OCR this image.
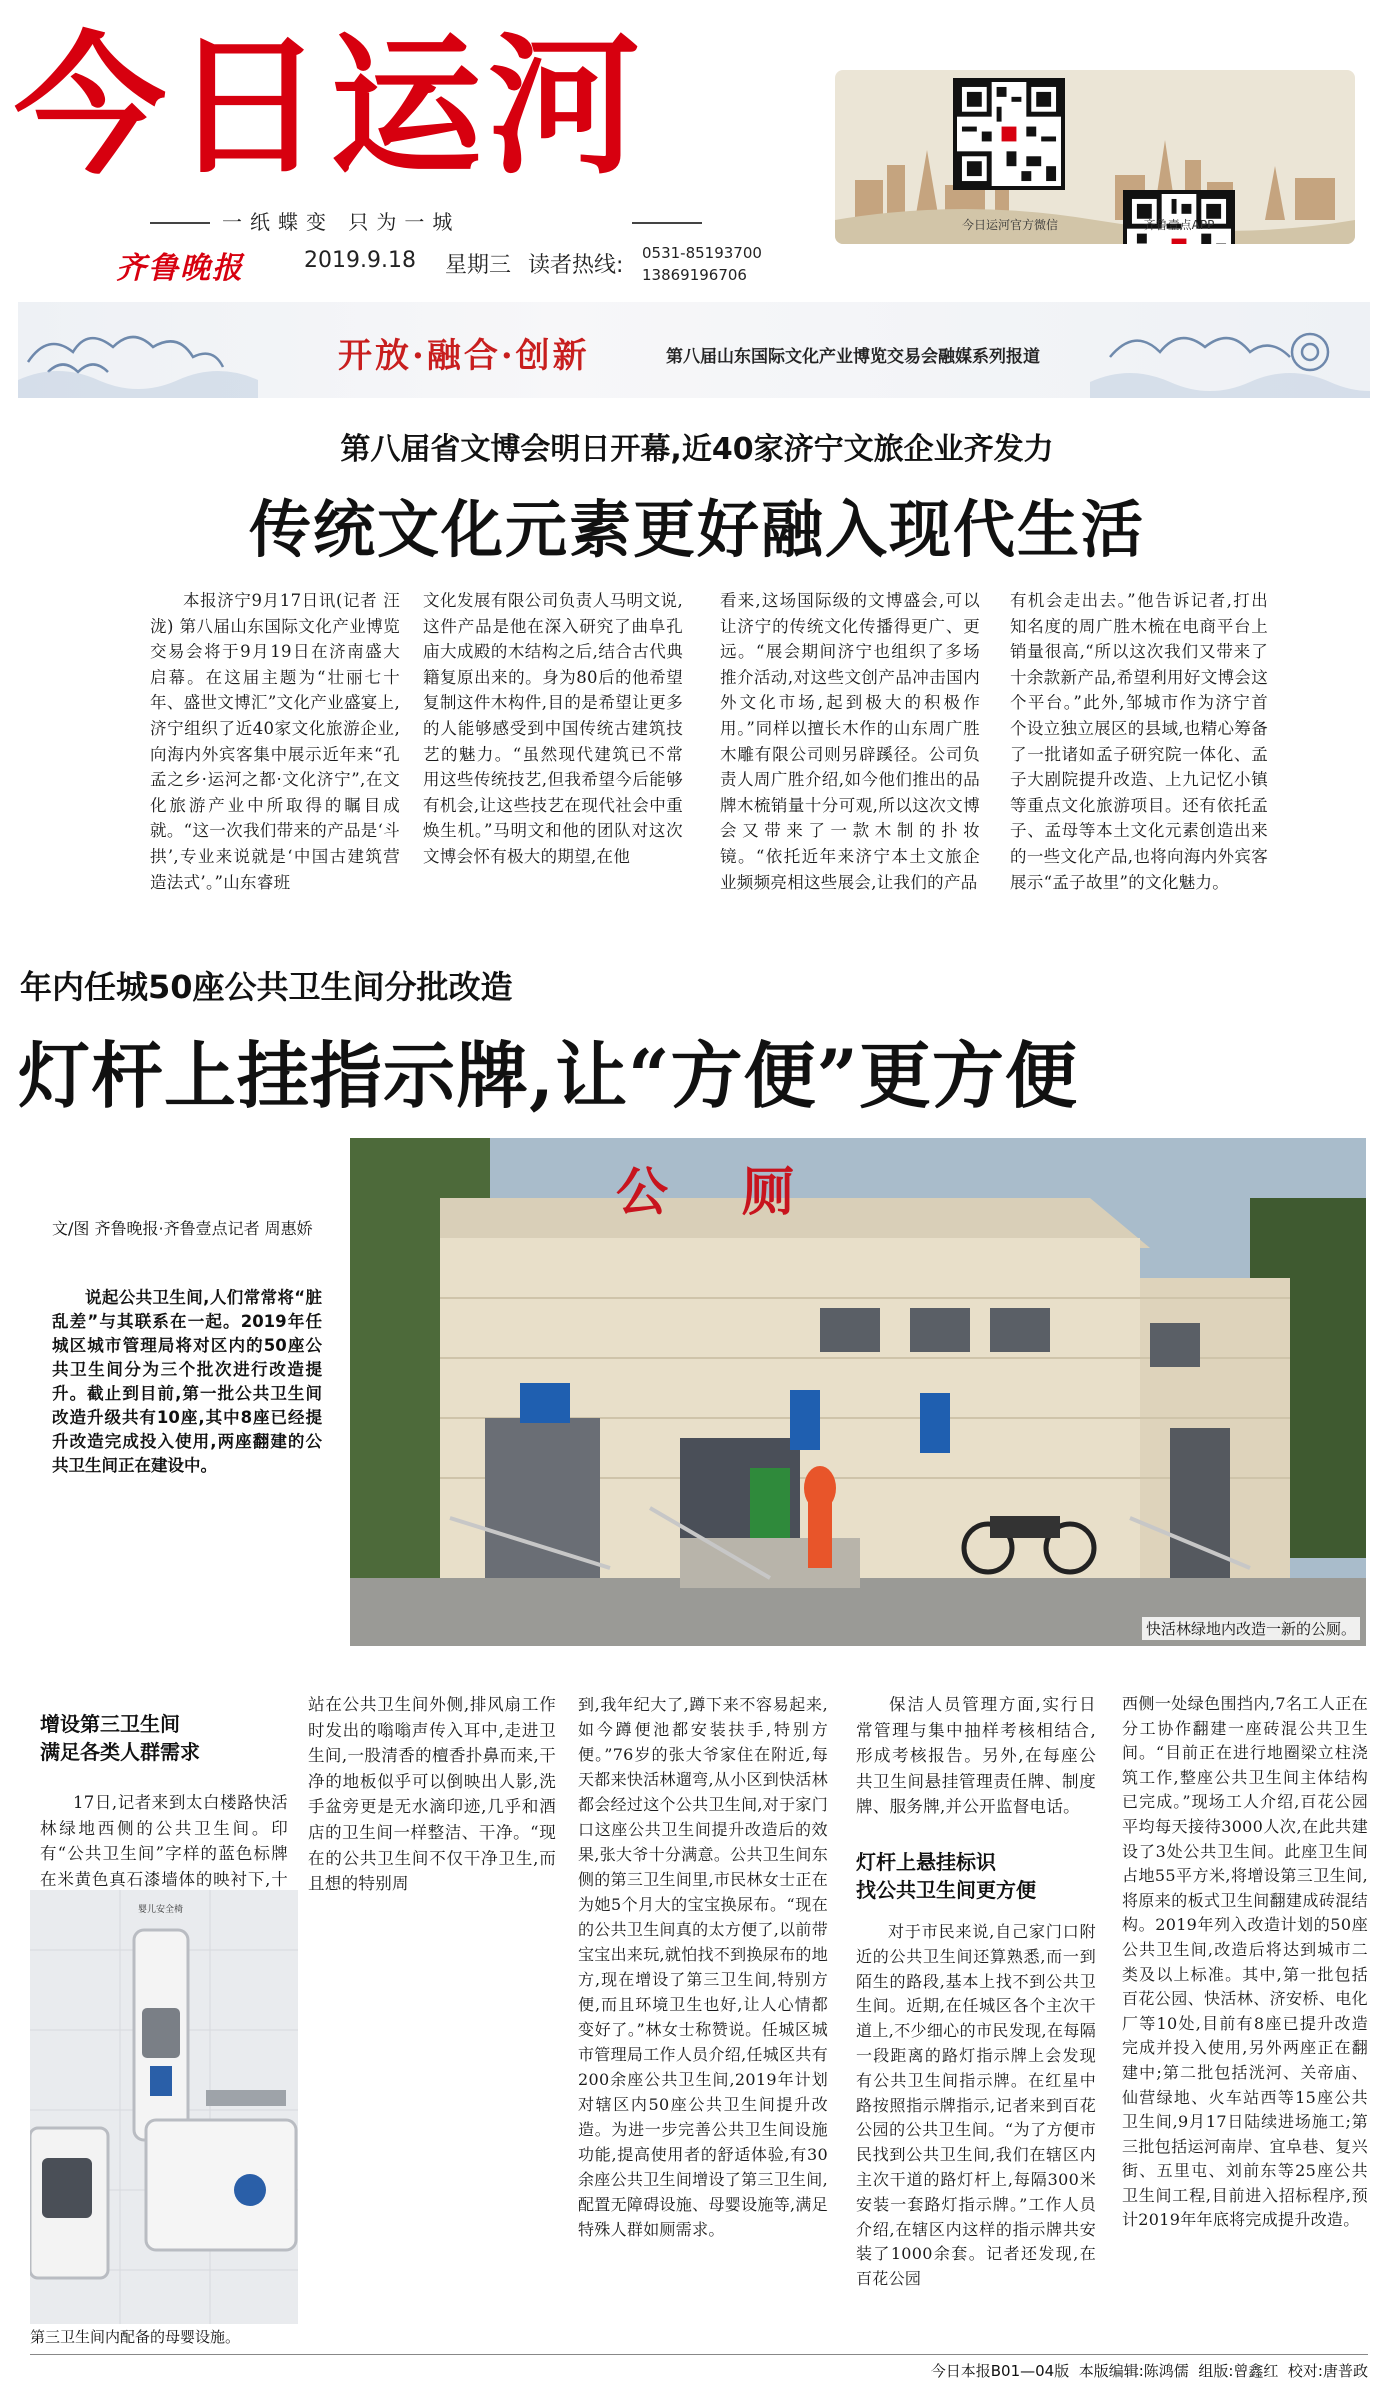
今日运河
一纸蝶变 只为一城
齐鲁晚报	2019.9.18 星期三 读者热线: 0531-85193700
13869196706
今日运河官方微信	齐鲁壹点APP
开放·融合·创新	第八届山东国际文化产业博览交易会融媒系列报道
第八届省文博会明日开幕,近40家济宁文旅企业齐发力
传统文化元素更好融入现代生活

本报济宁9月17日讯(记者 汪泷) 第八届山东国际文化产业博览交易会将于9月19日在济南盛大启幕。在这届主题为“壮丽七十年、盛世文博汇”文化产业盛宴上,济宁组织了近40家文化旅游企业,向海内外宾客集中展示近年来“孔孟之乡·运河之都·文化济宁”,在文化旅游产业中所取得的瞩目成就。“这一次我们带来的产品是‘斗拱’,专业来说就是‘中国古建筑营造法式’。”山东睿班

文化发展有限公司负责人马明文说,这件产品是他在深入研究了曲阜孔庙大成殿的木结构之后,结合古代典籍复原出来的。身为80后的他希望复制这件木构件,目的是希望让更多的人能够感受到中国传统古建筑技艺的魅力。“虽然现代建筑已不常用这些传统技艺,但我希望今后能够有机会,让这些技艺在现代社会中重焕生机。”马明文和他的团队对这次文博会怀有极大的期望,在他

看来,这场国际级的文博盛会,可以让济宁的传统文化传播得更广、更远。“展会期间济宁也组织了多场推介活动,对这些文创产品冲击国内外文化市场,起到极大的积极作用。”同样以擅长木作的山东周广胜木雕有限公司则另辟蹊径。公司负责人周广胜介绍,如今他们推出的品牌木梳销量十分可观,所以这次文博会又带来了一款木制的扑妆镜。“依托近年来济宁本土文旅企业频频亮相这些展会,让我们的产品

有机会走出去。”他告诉记者,打出知名度的周广胜木梳在电商平台上销量很高,“所以这次我们又带来了十余款新产品,希望利用好文博会这个平台。”此外,邹城市作为济宁首个设立独立展区的县域,也精心筹备了一批诸如孟子研究院一体化、孟子大剧院提升改造、上九记忆小镇等重点文化旅游项目。还有依托孟子、孟母等本土文化元素创造出来的一些文化产品,也将向海内外宾客展示“孟子故里”的文化魅力。

年内任城50座公共卫生间分批改造
灯杆上挂指示牌,让“方便”更方便
公 厕
快活林绿地内改造一新的公厕。
文/图 齐鲁晚报·齐鲁壹点记者 周惠娇
说起公共卫生间,人们常常将“脏乱差”与其联系在一起。2019年任城区城市管理局将对区内的50座公共卫生间分为三个批次进行改造提升。截止到目前,第一批公共卫生间改造升级共有10座,其中8座已经提升改造完成投入使用,两座翻建的公共卫生间正在建设中。
增设第三卫生间
满足各类人群需求

17日,记者来到太白楼路快活林绿地西侧的公共卫生间。印有“公共卫生间”字样的蓝色标牌在米黄色真石漆墙体的映衬下,十

站在公共卫生间外侧,排风扇工作时发出的嗡嗡声传入耳中,走进卫生间,一股清香的檀香扑鼻而来,干净的地板似乎可以倒映出人影,洗手盆旁更是无水滴印迹,几乎和酒店的卫生间一样整洁、干净。“现在的公共卫生间不仅干净卫生,而且想的特别周

到,我年纪大了,蹲下来不容易起来,如今蹲便池都安装扶手,特别方便。”76岁的张大爷家住在附近,每天都来快活林遛弯,从小区到快活林都会经过这个公共卫生间,对于家门口这座公共卫生间提升改造后的效果,张大爷十分满意。公共卫生间东侧的第三卫生间里,市民林女士正在为她5个月大的宝宝换尿布。“现在的公共卫生间真的太方便了,以前带宝宝出来玩,就怕找不到换尿布的地方,现在增设了第三卫生间,特别方便,而且环境卫生也好,让人心情都变好了。”林女士称赞说。任城区城市管理局工作人员介绍,任城区共有200余座公共卫生间,2019年计划对辖区内50座公共卫生间提升改造。为进一步完善公共卫生间设施功能,提高使用者的舒适体验,有30余座公共卫生间增设了第三卫生间,配置无障碍设施、母婴设施等,满足特殊人群如厕需求。

保洁人员管理方面,实行日常管理与集中抽样考核相结合,形成考核报告。另外,在每座公共卫生间悬挂管理责任牌、制度牌、服务牌,并公开监督电话。

灯杆上悬挂标识
找公共卫生间更方便

对于市民来说,自己家门口附近的公共卫生间还算熟悉,而一到陌生的路段,基本上找不到公共卫生间。近期,在任城区各个主次干道上,不少细心的市民发现,在每隔一段距离的路灯指示牌上会发现有公共卫生间指示牌。在红星中路按照指示牌指示,记者来到百花公园的公共卫生间。“为了方便市民找到公共卫生间,我们在辖区内主次干道的路灯杆上,每隔300米安装一套路灯指示牌。”工作人员介绍,在辖区内这样的指示牌共安装了1000余套。记者还发现,在百花公园

西侧一处绿色围挡内,7名工人正在分工协作翻建一座砖混公共卫生间。“目前正在进行地圈梁立柱浇筑工作,整座公共卫生间主体结构已完成。”现场工人介绍,百花公园平均每天接待3000人次,在此共建设了3处公共卫生间。此座卫生间占地55平方米,将增设第三卫生间,将原来的板式卫生间翻建成砖混结构。2019年列入改造计划的50座公共卫生间,改造后将达到城市二类及以上标准。其中,第一批包括百花公园、快活林、济安桥、电化厂等10处,目前有8座已提升改造完成并投入使用,另外两座正在翻建中;第二批包括洸河、关帝庙、仙营绿地、火车站西等15座公共卫生间,9月17日陆续进场施工;第三批包括运河南岸、宜阜巷、复兴街、五里屯、刘前东等25座公共卫生间工程,目前进入招标程序,预计2019年年底将完成提升改造。

婴儿安全椅
第三卫生间内配备的母婴设施。
今日本报B01—04版  本版编辑:陈鸿儒  组版:曾鑫红  校对:唐普政
